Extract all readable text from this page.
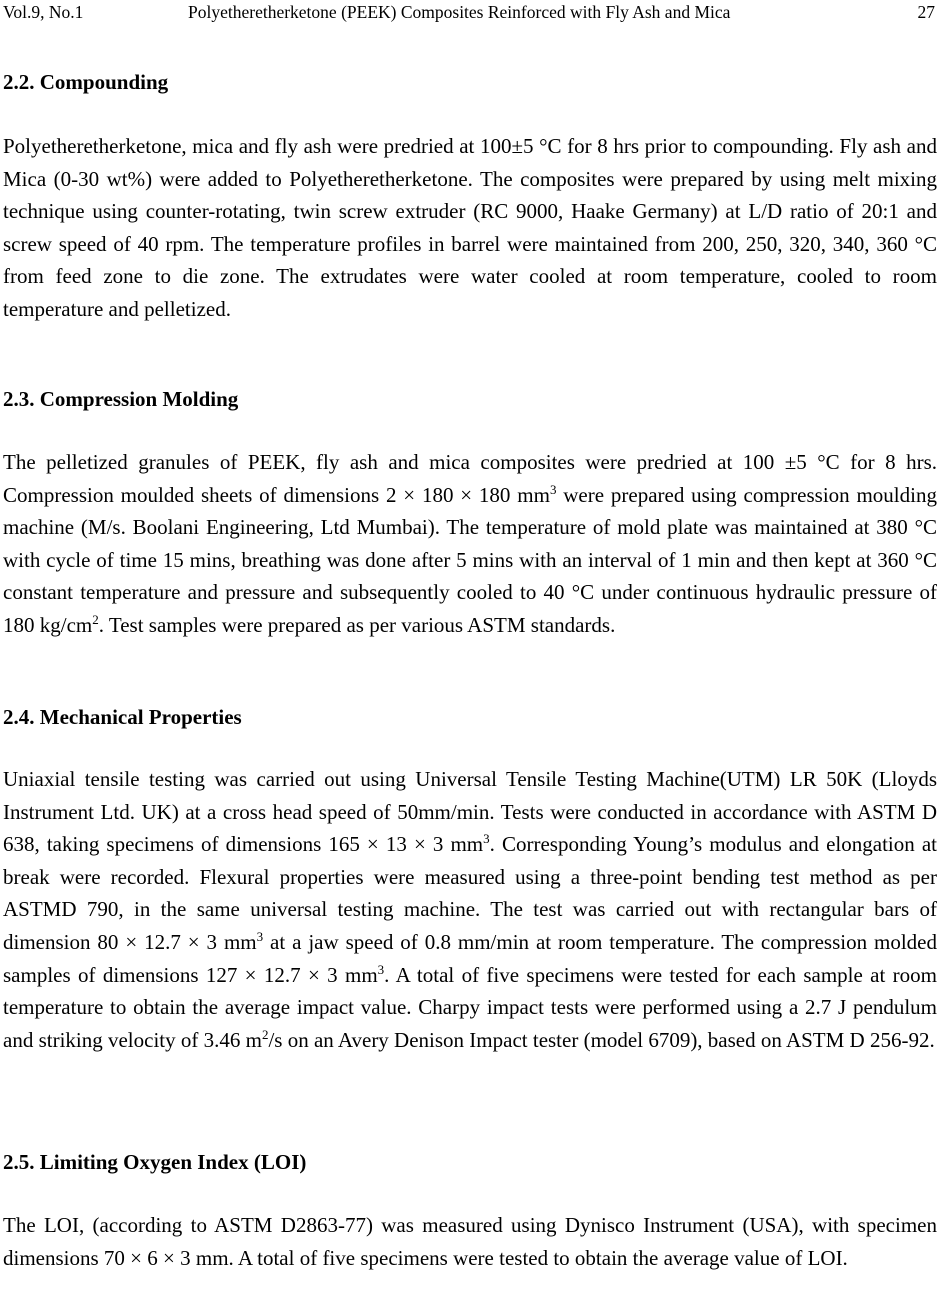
Vol.9, No.1	Polyetheretherketone (PEEK) Composites Reinforced with Fly Ash and Mica	27
2.2. Compounding

Polyetheretherketone, mica and fly ash were predried at 100±5 °C for 8 hrs prior to compounding. Fly ash and Mica (0-30 wt%) were added to Polyetheretherketone. The composites were prepared by using melt mixing technique using counter-rotating, twin screw extruder (RC 9000, Haake Germany) at L/D ratio of 20:1 and screw speed of 40 rpm. The temperature profiles in barrel were maintained from 200, 250, 320, 340, 360 °C from feed zone to die zone. The extrudates were water cooled at room temperature, cooled to room temperature and pelletized.

2.3. Compression Molding

The pelletized granules of PEEK, fly ash and mica composites were predried at 100 ±5 °C for 8 hrs. Compression moulded sheets of dimensions 2 × 180 × 180 $mm^3$ were prepared using compression moulding machine (M/s. Boolani Engineering, Ltd Mumbai). The temperature of mold plate was maintained at 380 °C with cycle of time 15 mins, breathing was done after 5 mins with an interval of 1 min and then kept at 360 °C constant temperature and pressure and subsequently cooled to 40 °C under continuous hydraulic pressure of 180 $kg/cm^2$. Test samples were prepared as per various ASTM standards.

2.4. Mechanical Properties

Uniaxial tensile testing was carried out using Universal Tensile Testing Machine(UTM) LR 50K (Lloyds Instrument Ltd. UK) at a cross head speed of 50mm/min. Tests were conducted in accordance with ASTM D 638, taking specimens of dimensions 165 × 13 × 3 $mm^3$. Corresponding Young’s modulus and elongation at break were recorded. Flexural properties were measured using a three-point bending test method as per ASTMD 790, in the same universal testing machine. The test was carried out with rectangular bars of dimension 80 × 12.7 × 3 $mm^3$ at a jaw speed of 0.8 mm/min at room temperature. The compression molded samples of dimensions 127 × 12.7 × 3 $mm^3$. A total of five specimens were tested for each sample at room temperature to obtain the average impact value. Charpy impact tests were performed using a 2.7 J pendulum and striking velocity of 3.46 $m^2/s$ on an Avery Denison Impact tester (model 6709), based on ASTM D 256-92.

2.5. Limiting Oxygen Index (LOI)

The LOI, (according to ASTM D2863-77) was measured using Dynisco Instrument (USA), with specimen dimensions 70 × 6 × 3 mm. A total of five specimens were tested to obtain the average value of LOI.
